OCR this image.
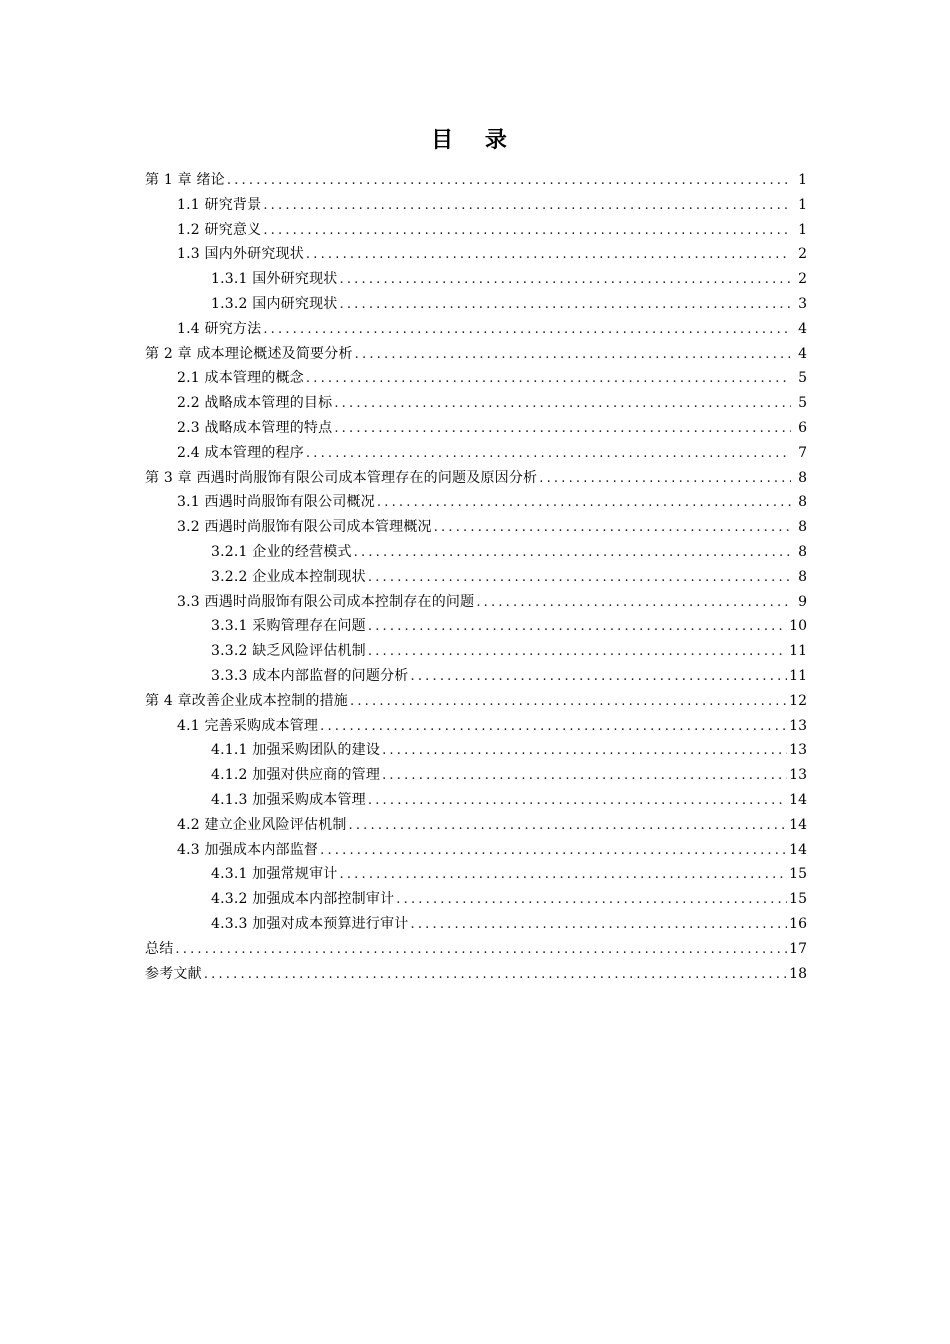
目 录
第 1 章 绪论 .....	1
1.1 研究背景 .....	1
1.2 研究意义 .....	1
1.3 国内外研究现状 .....	2
1.3.1 国外研究现状 .....	2
1.3.2 国内研究现状 .....	3
1.4 研究方法 .....	4
第 2 章 成本理论概述及简要分析 .....	4
2.1 成本管理的概念 .....	5
2.2 战略成本管理的目标 .....	5
2.3 战略成本管理的特点 .....	6
2.4 成本管理的程序 .....	7
第 3 章 西遇时尚服饰有限公司成本管理存在的问题及原因分析 .....	8
3.1 西遇时尚服饰有限公司概况 .....	8
3.2 西遇时尚服饰有限公司成本管理概况 .....	8
3.2.1 企业的经营模式 .....	8
3.2.2 企业成本控制现状 .....	8
3.3 西遇时尚服饰有限公司成本控制存在的问题 .....	9
3.3.1 采购管理存在问题 .....	10
3.3.2 缺乏风险评估机制 .....	11
3.3.3 成本内部监督的问题分析 .....	11
第 4 章改善企业成本控制的措施 .....	12
4.1 完善采购成本管理 .....	13
4.1.1 加强采购团队的建设 .....	13
4.1.2 加强对供应商的管理 .....	13
4.1.3 加强采购成本管理 .....	14
4.2 建立企业风险评估机制 .....	14
4.3 加强成本内部监督 .....	14
4.3.1 加强常规审计 .....	15
4.3.2 加强成本内部控制审计 .....	15
4.3.3 加强对成本预算进行审计 .....	16
总结 .....	17
参考文献 .....	18
